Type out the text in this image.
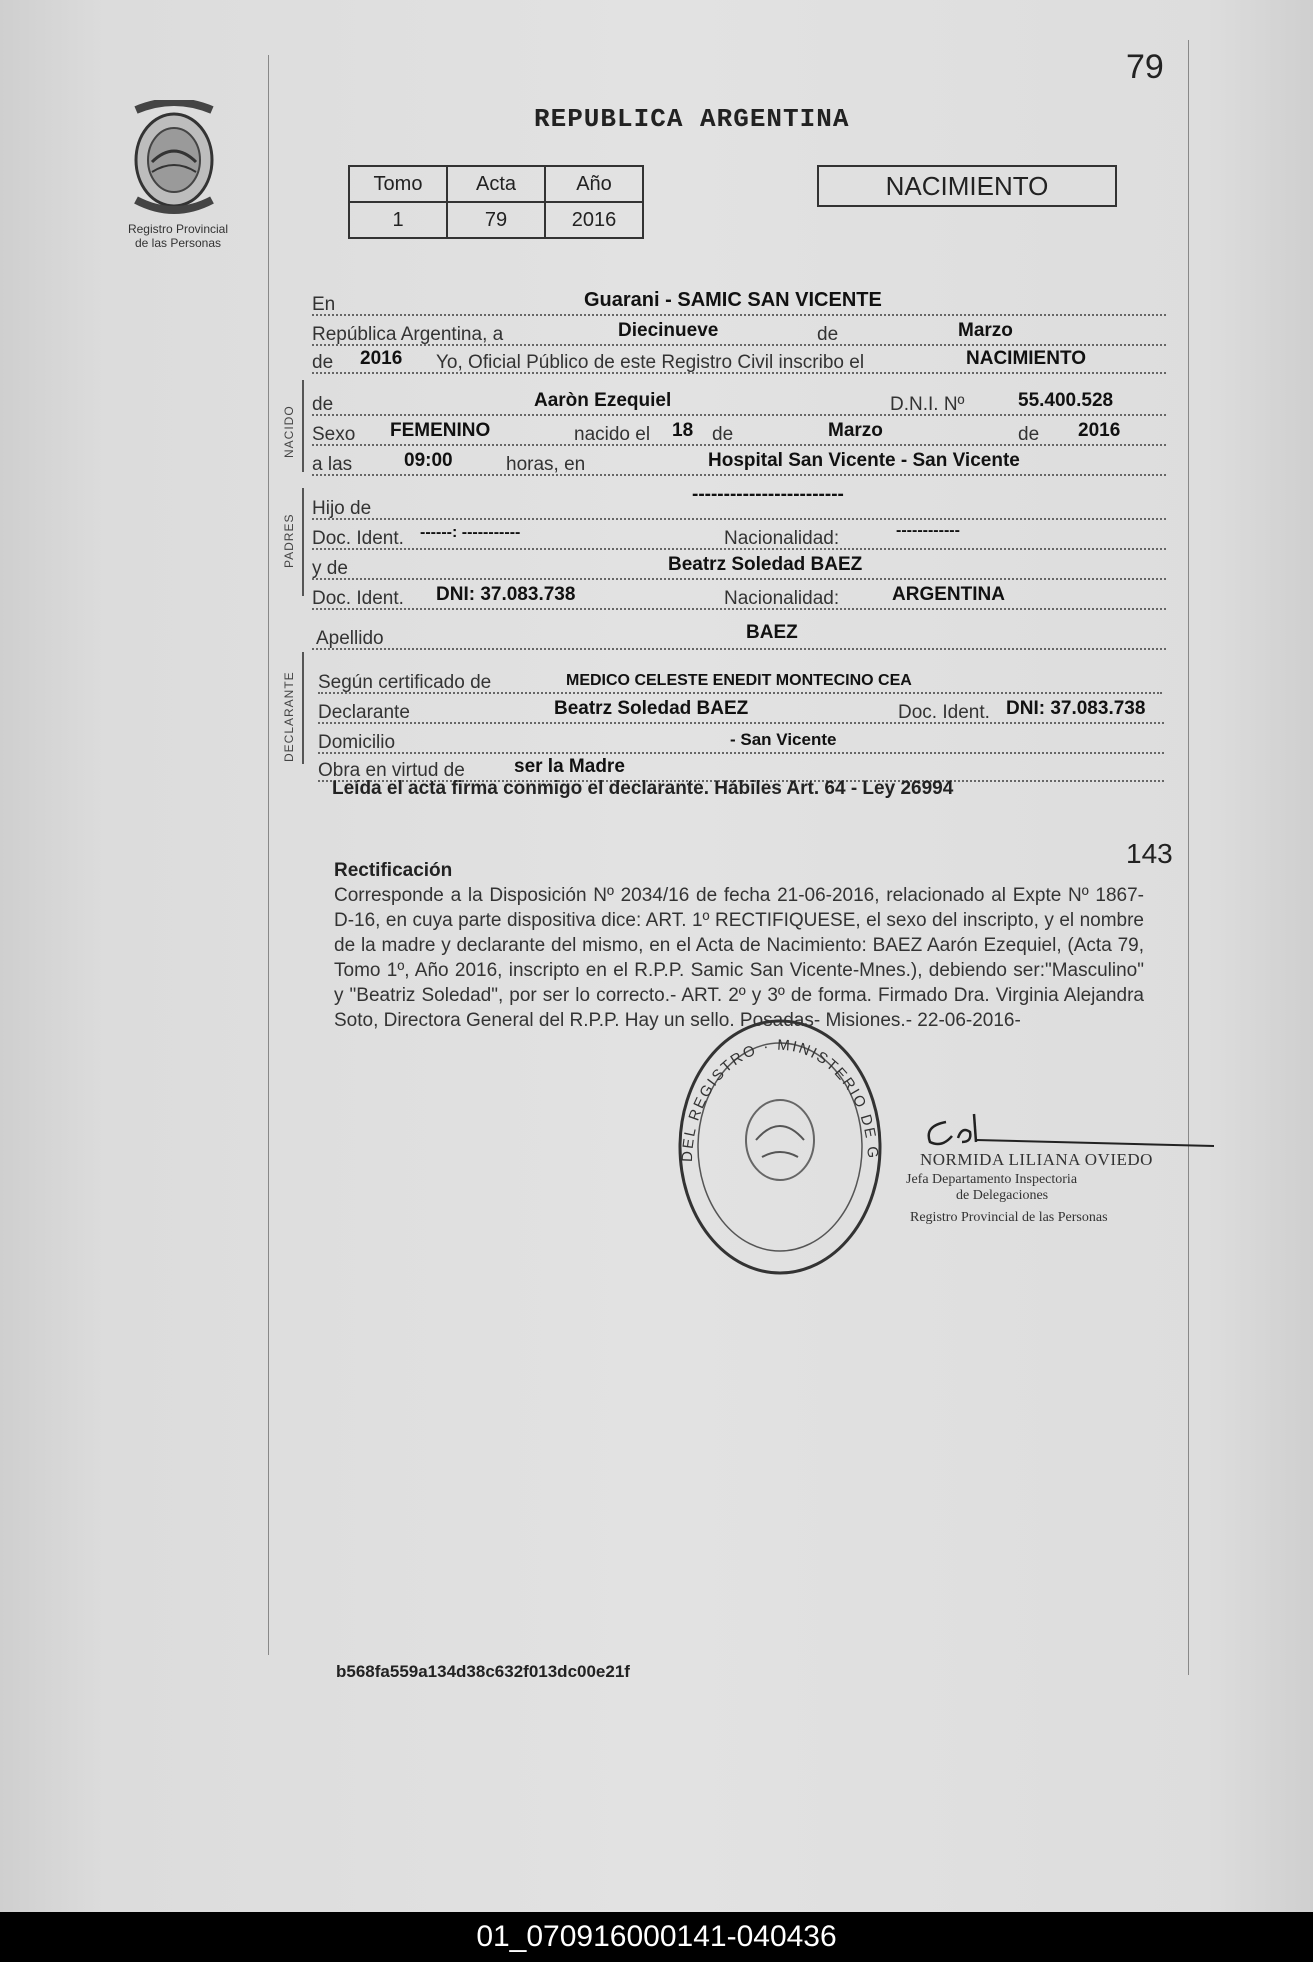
79
Registro Provincial
de las Personas
REPUBLICA ARGENTINA
Tomo	Acta	Año
1	79	2016
NACIMIENTO
NACIDO
PADRES
DECLARANTE
En	Guarani - SAMIC SAN VICENTE
República Argentina, a	Diecinueve	de	Marzo
de 2016 Yo, Oficial Público de este Registro Civil inscribo el	NACIMIENTO
de	Aaròn Ezequiel	D.N.I. Nº	55.400.528
Sexo FEMENINO	nacido el 18 de	Marzo	de 2016
a las	09:00	horas, en	Hospital San Vicente - San Vicente
Hijo de
------------------------
Doc. Ident. ------: -----------	Nacionalidad:	------------
y de	Beatrz Soledad BAEZ
Doc. Ident. DNI: 37.083.738	Nacionalidad:	ARGENTINA
Apellido	BAEZ
Según certificado de	MEDICO CELESTE ENEDIT MONTECINO CEA
Declarante	Beatrz Soledad BAEZ	Doc. Ident. DNI: 37.083.738
Domicilio	- San Vicente
Obra en virtud de	ser la Madre
Leída el acta firma conmigo el declarante. Hábiles Art. 64 - Ley 26994
143
Rectificación
Corresponde a la Disposición Nº 2034/16 de fecha 21-06-2016, relacionado al Expte Nº 1867-D-16, en cuya parte dispositiva dice: ART. 1º RECTIFIQUESE, el sexo del inscripto, y el nombre de la madre y declarante del mismo, en el Acta de Nacimiento: BAEZ Aarón Ezequiel, (Acta 79, Tomo 1º, Año 2016, inscripto en el R.P.P. Samic San Vicente-Mnes.), debiendo ser:"Masculino" y "Beatriz Soledad", por ser lo correcto.- ART. 2º y 3º de forma. Firmado Dra. Virginia Alejandra Soto, Directora General del R.P.P. Hay un sello. Posadas- Misiones.- 22-06-2016-
DEL REGISTRO · MINISTERIO DE G NORMIDA LILIANA OVIEDO
Jefa Departamento Inspectoria
de Delegaciones
Registro Provincial de las Personas
b568fa559a134d38c632f013dc00e21f
01_070916000141-040436
